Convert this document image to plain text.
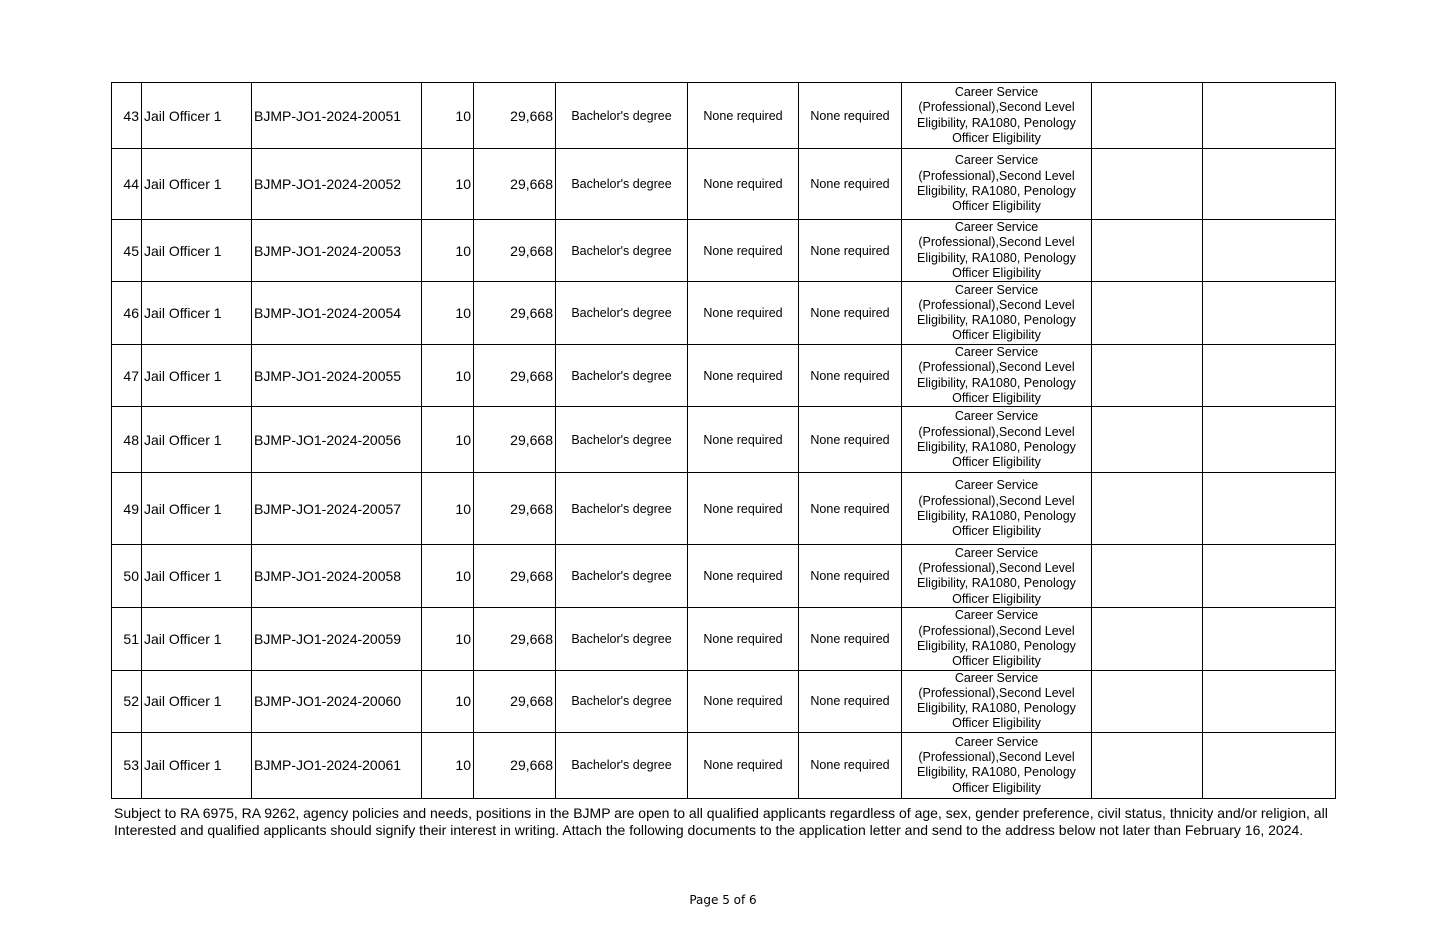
43	Jail Officer 1	BJMP-JO1-2024-20051	10	29,668	Bachelor's degree	None required	None required	Career Service (Professional),Second Level Eligibility, RA1080, Penology Officer Eligibility		
44	Jail Officer 1	BJMP-JO1-2024-20052	10	29,668	Bachelor's degree	None required	None required	Career Service (Professional),Second Level Eligibility, RA1080, Penology Officer Eligibility		
45	Jail Officer 1	BJMP-JO1-2024-20053	10	29,668	Bachelor's degree	None required	None required	Career Service (Professional),Second Level Eligibility, RA1080, Penology Officer Eligibility		
46	Jail Officer 1	BJMP-JO1-2024-20054	10	29,668	Bachelor's degree	None required	None required	Career Service (Professional),Second Level Eligibility, RA1080, Penology Officer Eligibility		
47	Jail Officer 1	BJMP-JO1-2024-20055	10	29,668	Bachelor's degree	None required	None required	Career Service (Professional),Second Level Eligibility, RA1080, Penology Officer Eligibility		
48	Jail Officer 1	BJMP-JO1-2024-20056	10	29,668	Bachelor's degree	None required	None required	Career Service (Professional),Second Level Eligibility, RA1080, Penology Officer Eligibility		
49	Jail Officer 1	BJMP-JO1-2024-20057	10	29,668	Bachelor's degree	None required	None required	Career Service (Professional),Second Level Eligibility, RA1080, Penology Officer Eligibility		
50	Jail Officer 1	BJMP-JO1-2024-20058	10	29,668	Bachelor's degree	None required	None required	Career Service (Professional),Second Level Eligibility, RA1080, Penology Officer Eligibility		
51	Jail Officer 1	BJMP-JO1-2024-20059	10	29,668	Bachelor's degree	None required	None required	Career Service (Professional),Second Level Eligibility, RA1080, Penology Officer Eligibility		
52	Jail Officer 1	BJMP-JO1-2024-20060	10	29,668	Bachelor's degree	None required	None required	Career Service (Professional),Second Level Eligibility, RA1080, Penology Officer Eligibility		
53	Jail Officer 1	BJMP-JO1-2024-20061	10	29,668	Bachelor's degree	None required	None required	Career Service (Professional),Second Level Eligibility, RA1080, Penology Officer Eligibility		

Subject to RA 6975, RA 9262, agency policies and needs, positions in the BJMP are open to all qualified applicants regardless of age, sex, gender preference, civil status, thnicity and/or religion, all Interested and qualified applicants should signify their interest in writing. Attach the following documents to the application letter and send to the address below not later than February 16, 2024.

Page 5 of 6
